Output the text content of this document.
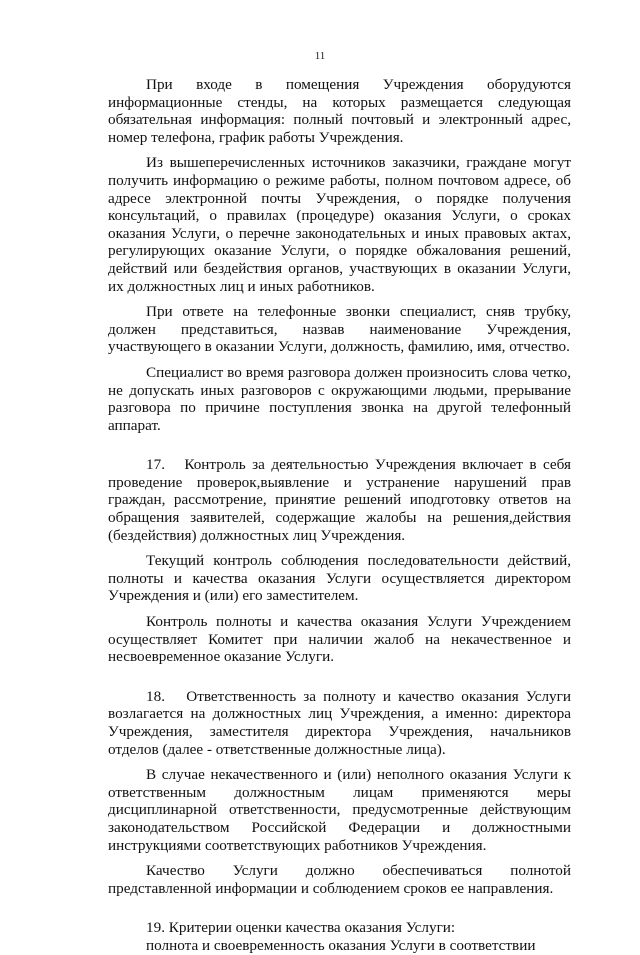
11

При входе в помещения Учреждения оборудуются информационные стенды, на которых размещается следующая обязательная информация: полный почтовый и электронный адрес, номер телефона, график работы Учреждения.

Из вышеперечисленных источников заказчики, граждане могут получить информацию о режиме работы, полном почтовом адресе, об адресе электронной почты Учреждения, о порядке получения консультаций, о правилах (процедуре) оказания Услуги, о сроках оказания Услуги, о перечне законодательных и иных правовых актах, регулирующих оказание Услуги, о порядке обжалования решений, действий или бездействия органов, участвующих в оказании Услуги, их должностных лиц и иных работников.

При ответе на телефонные звонки специалист, сняв трубку, должен представиться, назвав наименование Учреждения, участвующего в оказании Услуги, должность, фамилию, имя, отчество.

Специалист во время разговора должен произносить слова четко, не допускать иных разговоров с окружающими людьми, прерывание разговора по причине поступления звонка на другой телефонный аппарат.

17.   Контроль за деятельностью Учреждения включает в себя проведение проверок,выявление и устранение нарушений прав граждан, рассмотрение, принятие решений иподготовку ответов на обращения заявителей, содержащие жалобы на решения,действия (бездействия) должностных лиц Учреждения.

Текущий контроль соблюдения последовательности действий, полноты и качества оказания Услуги осуществляется директором Учреждения и (или) его заместителем.

Контроль полноты и качества оказания Услуги Учреждением осуществляет Комитет при наличии жалоб на некачественное и несвоевременное оказание Услуги.

18.   Ответственность за полноту и качество оказания Услуги возлагается на должностных лиц Учреждения, а именно: директора Учреждения, заместителя директора Учреждения, начальников отделов (далее - ответственные должностные лица).

В случае некачественного и (или) неполного оказания Услуги к ответственным должностным лицам применяются меры дисциплинарной ответственности, предусмотренные действующим законодательством Российской Федерации и должностными инструкциями соответствующих работников Учреждения.

Качество Услуги должно обеспечиваться полнотой представленной информации и соблюдением сроков ее направления.

19. Критерии оценки качества оказания Услуги:

полнота и своевременность оказания Услуги в соответствии
